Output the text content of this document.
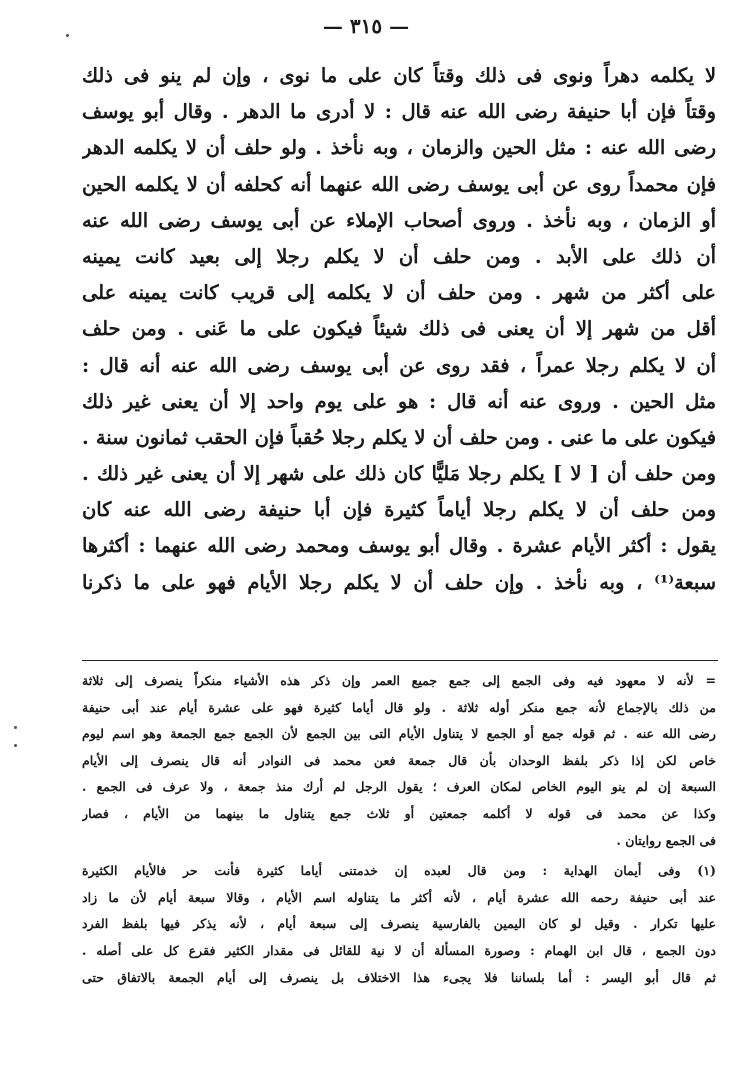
— ٣١٥ —
لا يكلمه دهراً ونوى فى ذلك وقتاً كان على ما نوى ، وإن لم ينو فى ذلك
وقتاً فإن أبا حنيفة رضى الله عنه قال : لا أدرى ما الدهر . وقال أبو يوسف
رضى الله عنه : مثل الحين والزمان ، وبه نأخذ . ولو حلف أن لا يكلمه الدهر
فإن محمداً روى عن أبى يوسف رضى الله عنهما أنه كحلفه أن لا يكلمه الحين
أو الزمان ، وبه نأخذ . وروى أصحاب الإملاء عن أبى يوسف رضى الله عنه
أن ذلك على الأبد . ومن حلف أن لا يكلم رجلا إلى بعيد كانت يمينه
على أكثر من شهر . ومن حلف أن لا يكلمه إلى قريب كانت يمينه على
أقل من شهر إلا أن يعنى فى ذلك شيئاً فيكون على ما عَنى . ومن حلف
أن لا يكلم رجلا عمراً ، فقد روى عن أبى يوسف رضى الله عنه أنه قال :
مثل الحين . وروى عنه أنه قال : هو على يوم واحد إلا أن يعنى غير ذلك
فيكون على ما عنى . ومن حلف أن لا يكلم رجلا حُقباً فإن الحقب ثمانون سنة .
ومن حلف أن [ لا ] يكلم رجلا مَليًّا كان ذلك على شهر إلا أن يعنى غير ذلك .
ومن حلف أن لا يكلم رجلا أياماً كثيرة فإن أبا حنيفة رضى الله عنه كان
يقول : أكثر الأيام عشرة . وقال أبو يوسف ومحمد رضى الله عنهما : أكثرها
سبعة⁽¹⁾ ، وبه نأخذ . وإن حلف أن لا يكلم رجلا الأيام فهو على ما ذكرنا
= لأنه لا معهود فيه وفى الجمع إلى جمع جميع العمر وإن ذكر هذه الأشياء منكراً ينصرف إلى ثلاثة
من ذلك بالإجماع لأنه جمع منكر أوله ثلاثة . ولو قال أياما كثيرة فهو على عشرة أيام عند أبى حنيفة
رضى الله عنه . ثم قوله جمع أو الجمع لا يتناول الأيام التى بين الجمع لأن الجمع جمع الجمعة وهو اسم ليوم
خاص لكن إذا ذكر بلفظ الوحدان بأن قال جمعة فعن محمد فى النوادر أنه قال ينصرف إلى الأيام
السبعة إن لم ينو اليوم الخاص لمكان العرف ؛ يقول الرجل لم أرك منذ جمعة ، ولا عرف فى الجمع .
وكذا عن محمد فى قوله لا أكلمه جمعتين أو ثلاث جمع يتناول ما بينهما من الأيام ، فصار
فى الجمع روايتان .
(١) وفى أيمان الهداية : ومن قال لعبده إن خدمتنى أياما كثيرة فأنت حر فالأيام الكثيرة
عند أبى حنيفة رحمه الله عشرة أيام ، لأنه أكثر ما يتناوله اسم الأيام ، وقالا سبعة أيام لأن ما زاد
عليها تكرار . وقيل لو كان اليمين بالفارسية ينصرف إلى سبعة أيام ، لأنه يذكر فيها بلفظ الفرد
دون الجمع ، قال ابن الهمام : وصورة المسألة أن لا نية للقائل فى مقدار الكثير فقرع كل على أصله .
ثم قال أبو اليسر : أما بلساننا فلا يجىء هذا الاختلاف بل ينصرف إلى أيام الجمعة بالاتفاق حتى
